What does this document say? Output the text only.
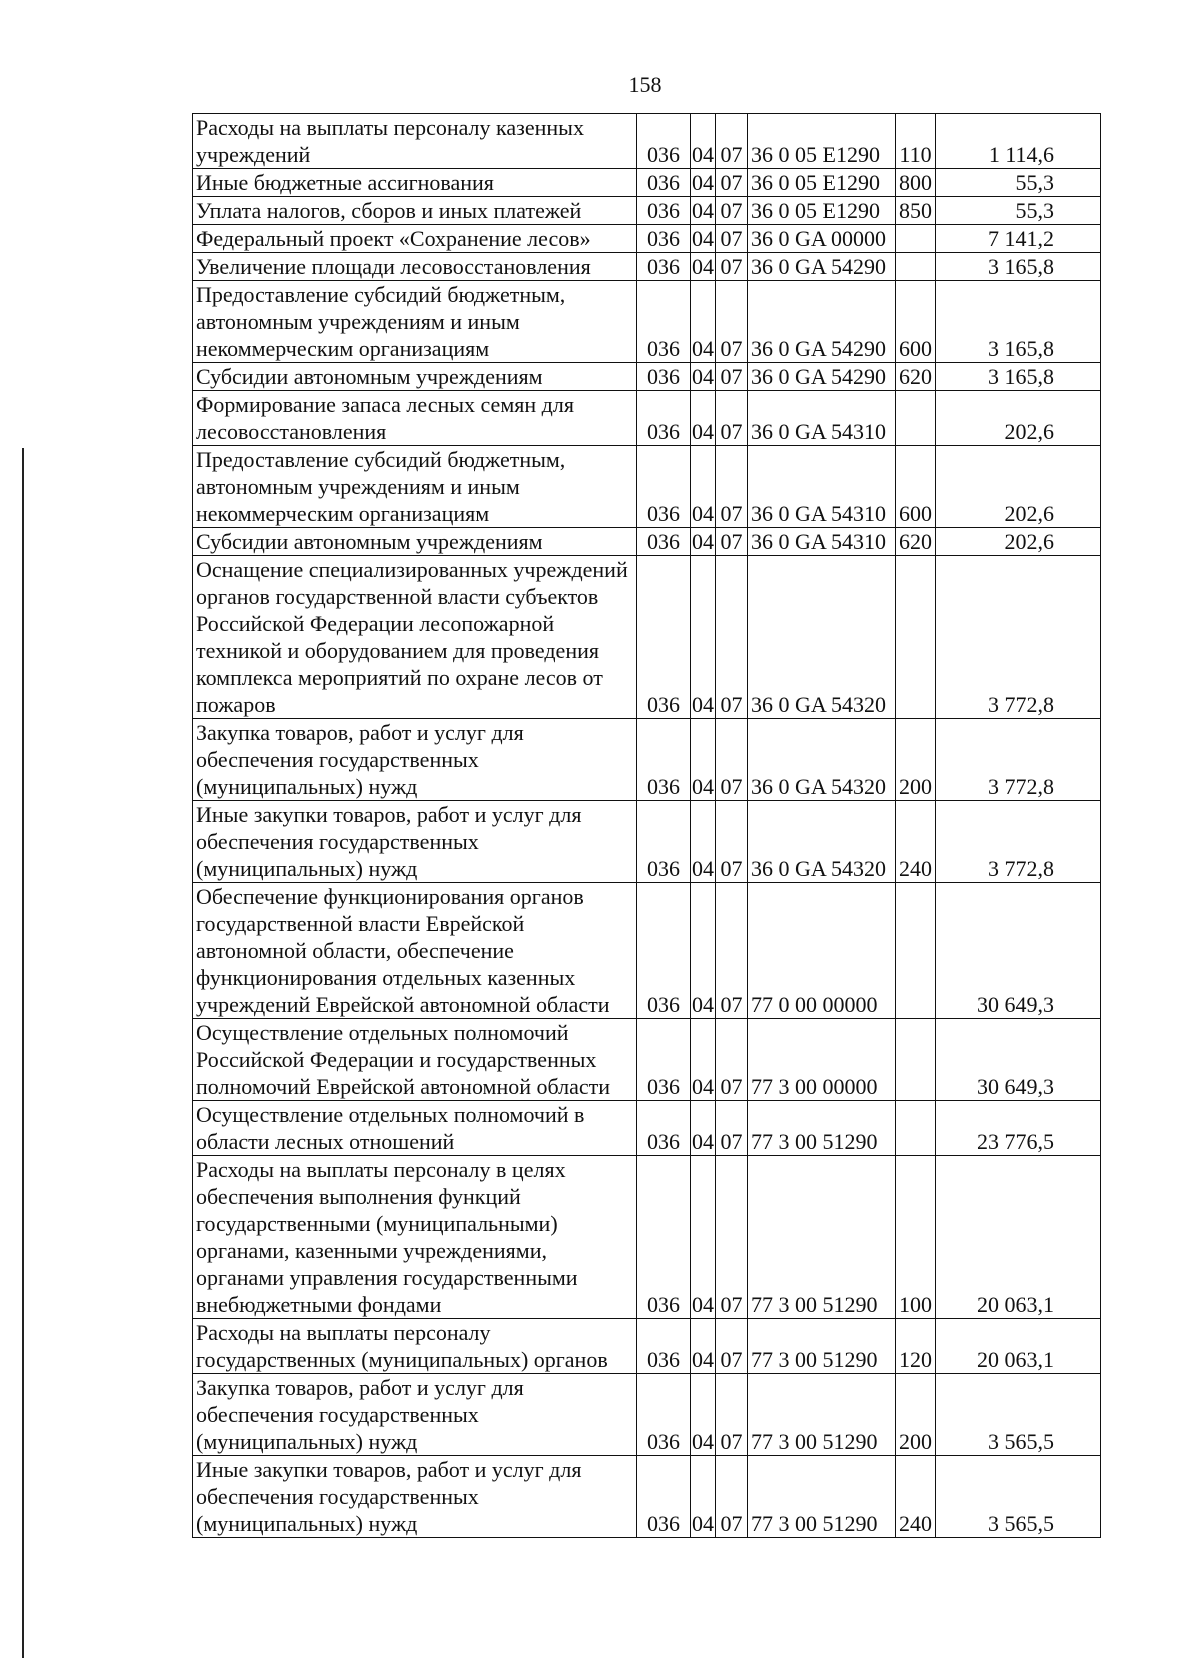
158
Расходы на выплаты персоналу казенных учреждений	036	04	07	36 0 05 E1290	110	1 114,6
Иные бюджетные ассигнования	036	04	07	36 0 05 E1290	800	55,3
Уплата налогов, сборов и иных платежей	036	04	07	36 0 05 E1290	850	55,3
Федеральный проект «Сохранение лесов»	036	04	07	36 0 GA 00000		7 141,2
Увеличение площади лесовосстановления	036	04	07	36 0 GA 54290		3 165,8
Предоставление субсидий бюджетным, автономным учреждениям и иным некоммерческим организациям	036	04	07	36 0 GA 54290	600	3 165,8
Субсидии автономным учреждениям	036	04	07	36 0 GA 54290	620	3 165,8
Формирование запаса лесных семян для лесовосстановления	036	04	07	36 0 GA 54310		202,6
Предоставление субсидий бюджетным, автономным учреждениям и иным некоммерческим организациям	036	04	07	36 0 GA 54310	600	202,6
Субсидии автономным учреждениям	036	04	07	36 0 GA 54310	620	202,6
Оснащение специализированных учреждений органов государственной власти субъектов Российской Федерации лесопожарной техникой и оборудованием для проведения комплекса мероприятий по охране лесов от пожаров	036	04	07	36 0 GA 54320		3 772,8
Закупка товаров, работ и услуг для обеспечения государственных (муниципальных) нужд	036	04	07	36 0 GA 54320	200	3 772,8
Иные закупки товаров, работ и услуг для обеспечения государственных (муниципальных) нужд	036	04	07	36 0 GA 54320	240	3 772,8
Обеспечение функционирования органов государственной власти Еврейской автономной области, обеспечение функционирования отдельных казенных учреждений Еврейской автономной области	036	04	07	77 0 00 00000		30 649,3
Осуществление отдельных полномочий Российской Федерации и государственных полномочий Еврейской автономной области	036	04	07	77 3 00 00000		30 649,3
Осуществление отдельных полномочий в области лесных отношений	036	04	07	77 3 00 51290		23 776,5
Расходы на выплаты персоналу в целях обеспечения выполнения функций государственными (муниципальными) органами, казенными учреждениями, органами управления государственными внебюджетными фондами	036	04	07	77 3 00 51290	100	20 063,1
Расходы на выплаты персоналу государственных (муниципальных) органов	036	04	07	77 3 00 51290	120	20 063,1
Закупка товаров, работ и услуг для обеспечения государственных (муниципальных) нужд	036	04	07	77 3 00 51290	200	3 565,5
Иные закупки товаров, работ и услуг для обеспечения государственных (муниципальных) нужд	036	04	07	77 3 00 51290	240	3 565,5
